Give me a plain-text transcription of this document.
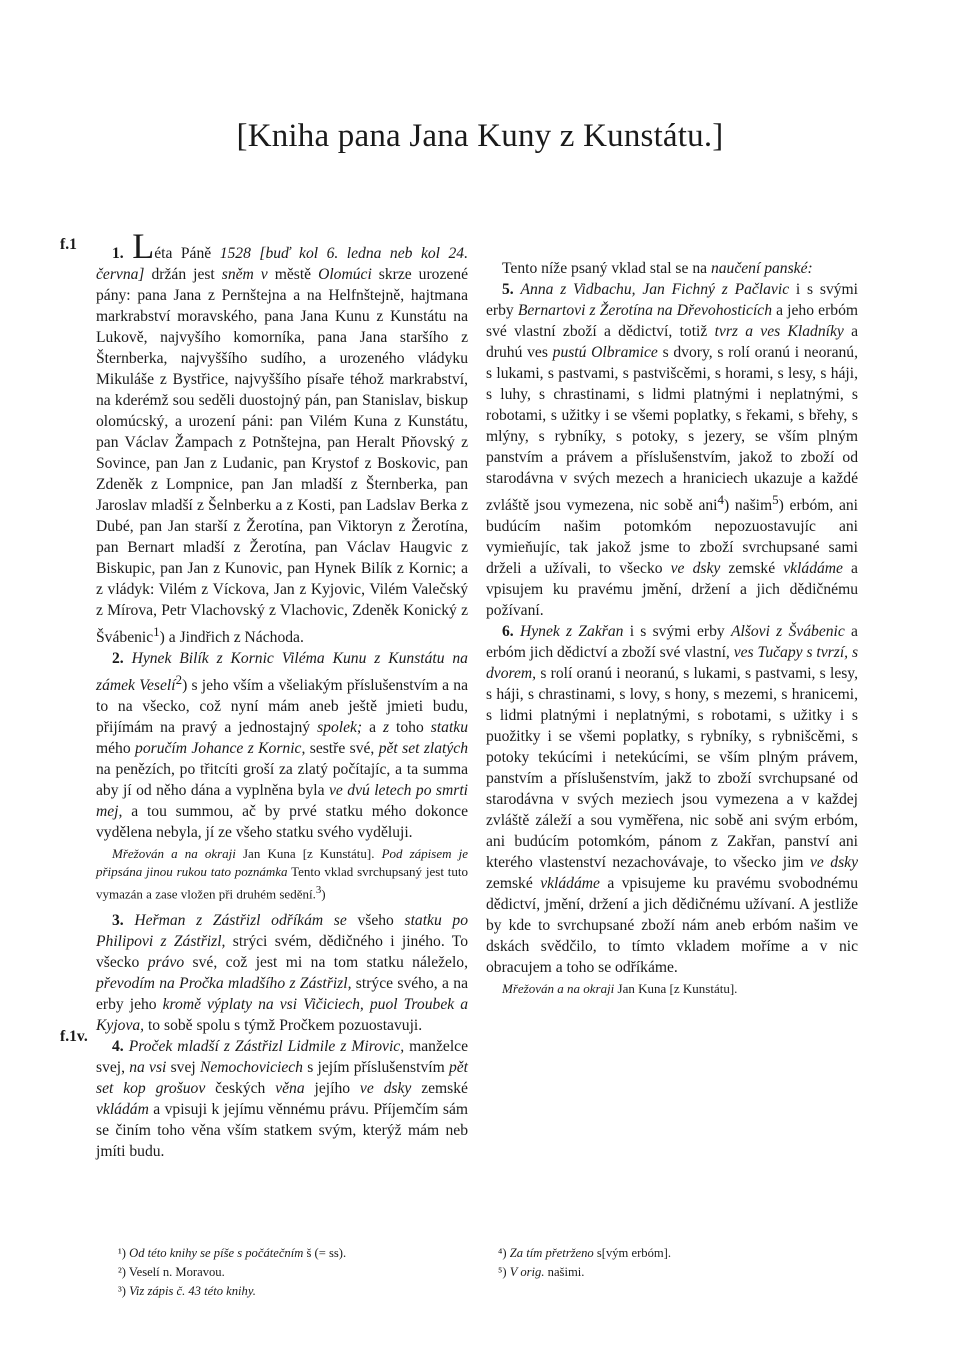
[Kniha pana Jana Kuny z Kunstátu.]
f.1
f.1v.

1. Léta Páně 1528 [buď kol 6. ledna neb kol 24. června] držán jest sněm v městě Olomúci skrze urozené pány: pana Jana z Pernštejna a na Helfnštejně, hajtmana markrabství moravského, pana Jana Kunu z Kunstátu na Lukově, najvyšího komorníka, pana Jana staršího z Šternberka, najvyššího sudího, a urozeného vládyku Mikuláše z Bystřice, najvyššího písaře téhož markrabství, na kderémž sou seděli duostojný pán, pan Stanislav, biskup olomúcský, a urození páni: pan Vilém Kuna z Kunstátu, pan Václav Žampach z Potnštejna, pan Heralt Pňovský z Sovince, pan Jan z Ludanic, pan Krystof z Boskovic, pan Zdeněk z Lompnice, pan Jan mladší z Šternberka, pan Jaroslav mladší z Šelnberku a z Kosti, pan Ladslav Berka z Dubé, pan Jan starší z Žerotína, pan Viktoryn z Žerotína, pan Bernart mladší z Žerotína, pan Václav Haugvic z Biskupic, pan Jan z Kunovic, pan Hynek Bilík z Kornic; a z vládyk: Vilém z Víckova, Jan z Kyjovic, Vilém Valečský z Mírova, Petr Vlachovský z Vlachovic, Zdeněk Konický z Švábenic$^1$) a Jindřich z Náchoda.

2. Hynek Bilík z Kornic Viléma Kunu z Kunstátu na zámek Veselí$^2$) s jeho vším a všeliakým příslušenstvím a na to na všecko, což nyní mám aneb ještě jmieti budu, přijímám na pravý a jednostajný spolek; a z toho statku mého poručím Johance z Kornic, sestře své, pět set zlatých na penězích, po třitcíti groší za zlatý počítajíc, a ta summa aby jí od něho dána a vyplněna byla ve dvú letech po smrti mej, a tou summou, ač by prvé statku mého dokonce vydělena nebyla, jí ze všeho statku svého vyděluji.

Mřežován a na okraji Jan Kuna [z Kunstátu]. Pod zápisem je připsána jinou rukou tato poznámka Tento vklad svrchupsaný jest tuto vymazán a zase vložen při druhém sedění.$^3$)

3. Heřman z Zástřizl odříkám se všeho statku po Philipovi z Zástřizl, strýci svém, dědičného i jiného. To všecko právo své, což jest mi na tom statku náleželo, převodím na Pročka mladšího z Zástřizl, strýce svého, a na erby jeho kromě výplaty na vsi Vičiciech, puol Troubek a Kyjova, to sobě spolu s týmž Pročkem pozuostavuji.

4. Proček mladší z Zástřizl Lidmile z Mirovic, manželce svej, na vsi svej Nemochoviciech s jejím příslušenstvím pět set kop grošuov českých věna jejího ve dsky zemské vkládám a vpisuji k jejímu věnnému právu. Příjemčím sám se činím toho věna vším statkem svým, kterýž mám neb jmíti budu.

Tento níže psaný vklad stal se na naučení panské:

5. Anna z Vidbachu, Jan Fichný z Pačlavic i s svými erby Bernartovi z Žerotína na Dřevohosticích a jeho erbóm své vlastní zboží a dědictví, totiž tvrz a ves Kladníky a druhú ves pustú Olbramice s dvory, s rolí oranú i neoranú, s lukami, s pastvami, s pastvišcěmi, s horami, s lesy, s háji, s luhy, s chrastinami, s lidmi platnými i neplatnými, s robotami, s užitky i se všemi poplatky, s řekami, s břehy, s mlýny, s rybníky, s potoky, s jezery, se vším plným panstvím a právem a příslušenstvím, jakož to zboží od starodávna v svých mezech a hraniciech ukazuje a každé zvláště jsou vymezena, nic sobě ani$^4$) našim$^5$) erbóm, ani budúcím našim potomkóm nepozuostavujíc ani vymieňujíc, tak jakož jsme to zboží svrchupsané sami drželi a užívali, to všecko ve dsky zemské vkládáme a vpisujem ku pravému jmění, držení a jich dědičnému požívaní.

6. Hynek z Zakřan i s svými erby Alšovi z Švábenic a erbóm jich dědictví a zboží své vlastní, ves Tučapy s tvrzí, s dvorem, s rolí oranú i neoranú, s lukami, s pastvami, s lesy, s háji, s chrastinami, s lovy, s hony, s mezemi, s hranicemi, s lidmi platnými i neplatnými, s robotami, s užitky i s puožitky i se všemi poplatky, s rybníky, s rybnišcěmi, s potoky tekúcími i netekúcími, se vším plným právem, panstvím a příslušenstvím, jakž to zboží svrchupsané od starodávna v svých meziech jsou vymezena a v každej zvláště záleží a sou vyměřena, nic sobě ani svým erbóm, ani budúcím potomkóm, pánom z Zakřan, panství ani kterého vlastenství nezachovávaje, to všecko jim ve dsky zemské vkládáme a vpisujeme ku pravému svobodnému dědictví, jmění, držení a jich dědičnému užívaní. A jestliže by kde to svrchupsané zboží nám aneb erbóm našim ve dskách svědčilo, to tímto vkladem moříme a v nic obracujem a toho se odříkáme.

Mřežován a na okraji Jan Kuna [z Kunstátu].

¹) Od této knihy se píše s počátečním š (= ss).

²) Veselí n. Moravou.

³) Viz zápis č. 43 této knihy.

⁴) Za tím přetrženo s[vým erbóm].

⁵) V orig. našimi.
